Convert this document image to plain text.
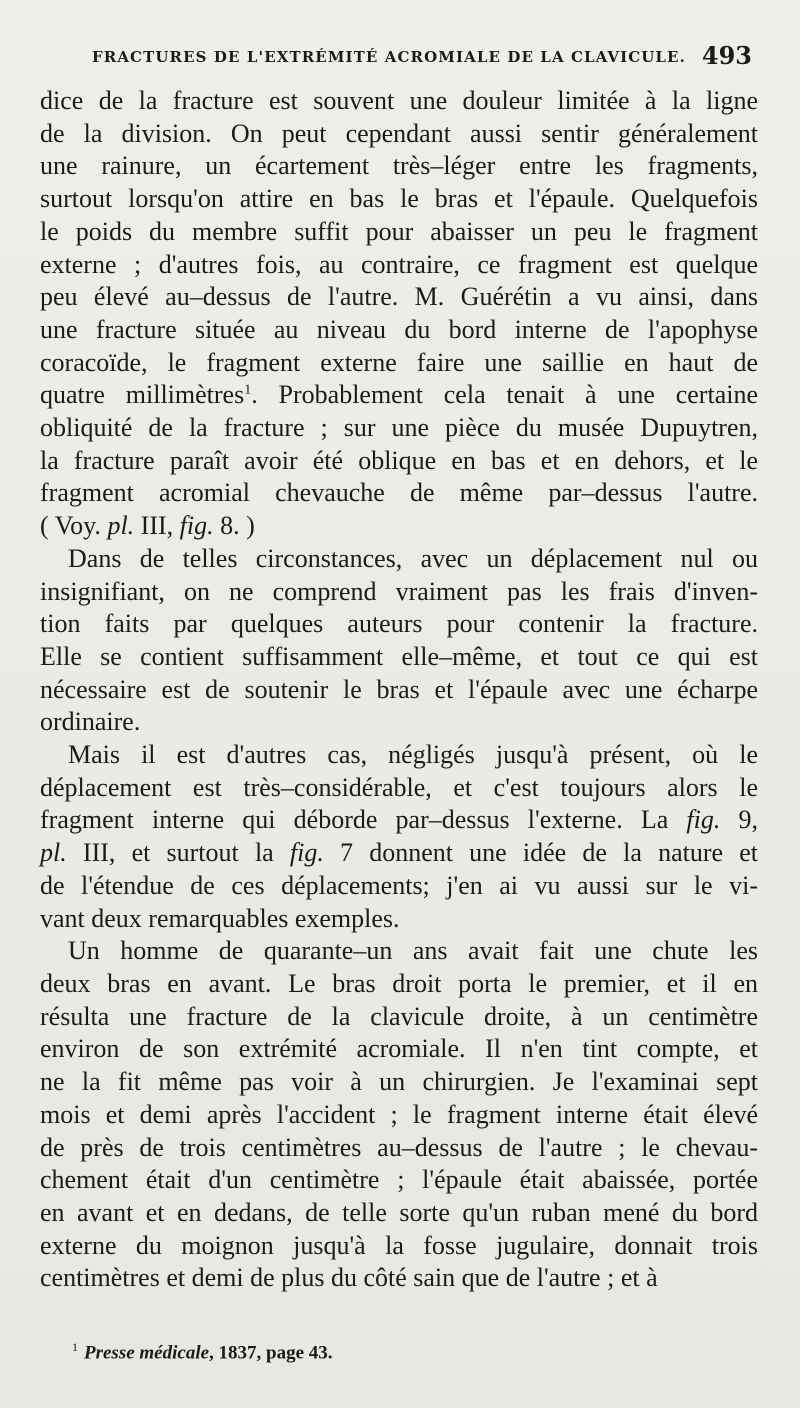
FRACTURES DE L'EXTRÉMITÉ ACROMIALE DE LA CLAVICULE. 493

dice de la fracture est souvent une douleur limitée à la ligne
de la division. On peut cependant aussi sentir généralement
une rainure, un écartement très–léger entre les fragments,
surtout lorsqu'on attire en bas le bras et l'épaule. Quelquefois
le poids du membre suffit pour abaisser un peu le fragment
externe ; d'autres fois, au contraire, ce fragment est quelque
peu élevé au–dessus de l'autre. M. Guérétin a vu ainsi, dans
une fracture située au niveau du bord interne de l'apophyse
coracoïde, le fragment externe faire une saillie en haut de
quatre millimètres$^1$. Probablement cela tenait à une certaine
obliquité de la fracture ; sur une pièce du musée Dupuytren,
la fracture paraît avoir été oblique en bas et en dehors, et le
fragment acromial chevauche de même par–dessus l'autre.
( Voy. pl. III, fig. 8. )

Dans de telles circonstances, avec un déplacement nul ou
insignifiant, on ne comprend vraiment pas les frais d'inven-
tion faits par quelques auteurs pour contenir la fracture.
Elle se contient suffisamment elle–même, et tout ce qui est
nécessaire est de soutenir le bras et l'épaule avec une écharpe
ordinaire.

Mais il est d'autres cas, négligés jusqu'à présent, où le
déplacement est très–considérable, et c'est toujours alors le
fragment interne qui déborde par–dessus l'externe. La fig. 9,
pl. III, et surtout la fig. 7 donnent une idée de la nature et
de l'étendue de ces déplacements; j'en ai vu aussi sur le vi-
vant deux remarquables exemples.

Un homme de quarante–un ans avait fait une chute les
deux bras en avant. Le bras droit porta le premier, et il en
résulta une fracture de la clavicule droite, à un centimètre
environ de son extrémité acromiale. Il n'en tint compte, et
ne la fit même pas voir à un chirurgien. Je l'examinai sept
mois et demi après l'accident ; le fragment interne était élevé
de près de trois centimètres au–dessus de l'autre ; le chevau-
chement était d'un centimètre ; l'épaule était abaissée, portée
en avant et en dedans, de telle sorte qu'un ruban mené du bord
externe du moignon jusqu'à la fosse jugulaire, donnait trois
centimètres et demi de plus du côté sain que de l'autre ; et à

$^1$ Presse médicale, 1837, page 43.
